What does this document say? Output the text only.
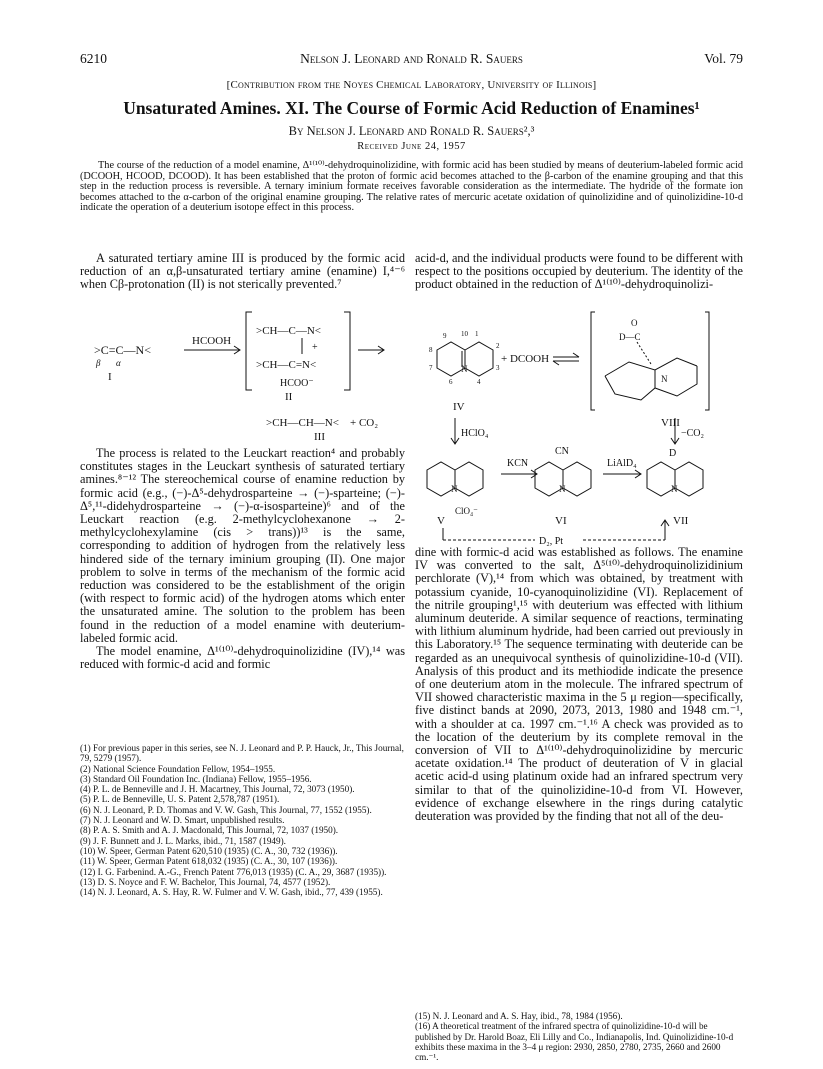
6210	Nelson J. Leonard and Ronald R. Sauers	Vol. 79
[Contribution from the Noyes Chemical Laboratory, University of Illinois]
Unsaturated Amines. XI. The Course of Formic Acid Reduction of Enamines¹
By Nelson J. Leonard and Ronald R. Sauers²,³
Received June 24, 1957
The course of the reduction of a model enamine, Δ¹⁽¹⁰⁾-dehydroquinolizidine, with formic acid has been studied by means of deuterium-labeled formic acid (DCOOH, HCOOD, DCOOD). It has been established that the proton of formic acid becomes attached to the β-carbon of the enamine grouping and that this step in the reduction process is reversible. A ternary iminium formate receives favorable consideration as the intermediate. The hydride of the formate ion becomes attached to the α-carbon of the original enamine grouping. The relative rates of mercuric acetate oxidation of quinolizidine and of quinolizidine-10-d indicate the operation of a deuterium isotope effect in this process.

A saturated tertiary amine III is produced by the formic acid reduction of an α,β-unsaturated tertiary amine (enamine) I,⁴⁻⁶ when Cβ-protonation (II) is not sterically prevented.⁷

>C=C—N<
β α
I
HCOOH
>CH—C—N<
+
>CH—C=N<
HCOO⁻
II
>CH—CH—N< + CO₂
III

The process is related to the Leuckart reaction⁴ and probably constitutes stages in the Leuckart synthesis of saturated tertiary amines.⁸⁻¹² The stereochemical course of enamine reduction by formic acid (e.g., (−)-Δ⁵-dehydrosparteine → (−)-sparteine; (−)-Δ⁵,¹¹-didehydrosparteine → (−)-α-isosparteine)⁶ and of the Leuckart reaction (e.g. 2-methylcyclohexanone → 2-methylcyclohexylamine (cis > trans))¹³ is the same, corresponding to addition of hydrogen from the relatively less hindered side of the ternary iminium grouping (II). One major problem to solve in terms of the mechanism of the formic acid reduction was considered to be the establishment of the origin (with respect to formic acid) of the hydrogen atoms which enter the unsaturated amine. The solution to the problem has been found in the reduction of a model enamine with deuterium-labeled formic acid.

The model enamine, Δ¹⁽¹⁰⁾-dehydroquinolizidine (IV),¹⁴ was reduced with formic-d acid and formic

(1) For previous paper in this series, see N. J. Leonard and P. P. Hauck, Jr., This Journal, 79, 5279 (1957).
(2) National Science Foundation Fellow, 1954–1955.
(3) Standard Oil Foundation Inc. (Indiana) Fellow, 1955–1956.
(4) P. L. de Benneville and J. H. Macartney, This Journal, 72, 3073 (1950).
(5) P. L. de Benneville, U. S. Patent 2,578,787 (1951).
(6) N. J. Leonard, P. D. Thomas and V. W. Gash, This Journal, 77, 1552 (1955).
(7) N. J. Leonard and W. D. Smart, unpublished results.
(8) P. A. S. Smith and A. J. Macdonald, This Journal, 72, 1037 (1950).
(9) J. F. Bunnett and J. L. Marks, ibid., 71, 1587 (1949).
(10) W. Speer, German Patent 620,510 (1935) (C. A., 30, 732 (1936)).
(11) W. Speer, German Patent 618,032 (1935) (C. A., 30, 107 (1936)).
(12) I. G. Farbenind. A.-G., French Patent 776,013 (1935) (C. A., 29, 3687 (1935)).
(13) D. S. Noyce and F. W. Bachelor, This Journal, 74, 4577 (1952).
(14) N. J. Leonard, A. S. Hay, R. W. Fulmer and V. W. Gash, ibid., 77, 439 (1955).

acid-d, and the individual products were found to be different with respect to the positions occupied by deuterium. The identity of the product obtained in the reduction of Δ¹⁽¹⁰⁾-dehydroquinolizi-

N
9 10 1
2
8
3
7
6	4
IV
+ DCOOH
O
D—C
N
VIII
HClO₄	−CO₂
N
ClO₄⁻
V
KCN
CN
N
VI
LiAlD₄
D
N
VII
D₂, Pt

dine with formic-d acid was established as follows. The enamine IV was converted to the salt, Δ⁵⁽¹⁰⁾-dehydroquinolizidinium perchlorate (V),¹⁴ from which was obtained, by treatment with potassium cyanide, 10-cyanoquinolizidine (VI). Replacement of the nitrile grouping¹,¹⁵ with deuterium was effected with lithium aluminum deuteride. A similar sequence of reactions, terminating with lithium aluminum hydride, had been carried out previously in this Laboratory.¹⁵ The sequence terminating with deuteride can be regarded as an unequivocal synthesis of quinolizidine-10-d (VII). Analysis of this product and its methiodide indicate the presence of one deuterium atom in the molecule. The infrared spectrum of VII showed characteristic maxima in the 5 μ region—specifically, five distinct bands at 2090, 2073, 2013, 1980 and 1948 cm.⁻¹, with a shoulder at ca. 1997 cm.⁻¹.¹⁶ A check was provided as to the location of the deuterium by its complete removal in the conversion of VII to Δ¹⁽¹⁰⁾-dehydroquinolizidine by mercuric acetate oxidation.¹⁴ The product of deuteration of V in glacial acetic acid-d using platinum oxide had an infrared spectrum very similar to that of the quinolizidine-10-d from VI. However, evidence of exchange elsewhere in the rings during catalytic deuteration was provided by the finding that not all of the deu-

(15) N. J. Leonard and A. S. Hay, ibid., 78, 1984 (1956).
(16) A theoretical treatment of the infrared spectra of quinolizidine-10-d will be published by Dr. Harold Boaz, Eli Lilly and Co., Indianapolis, Ind. Quinolizidine-10-d exhibits these maxima in the 3–4 μ region: 2930, 2850, 2780, 2735, 2660 and 2600 cm.⁻¹.
